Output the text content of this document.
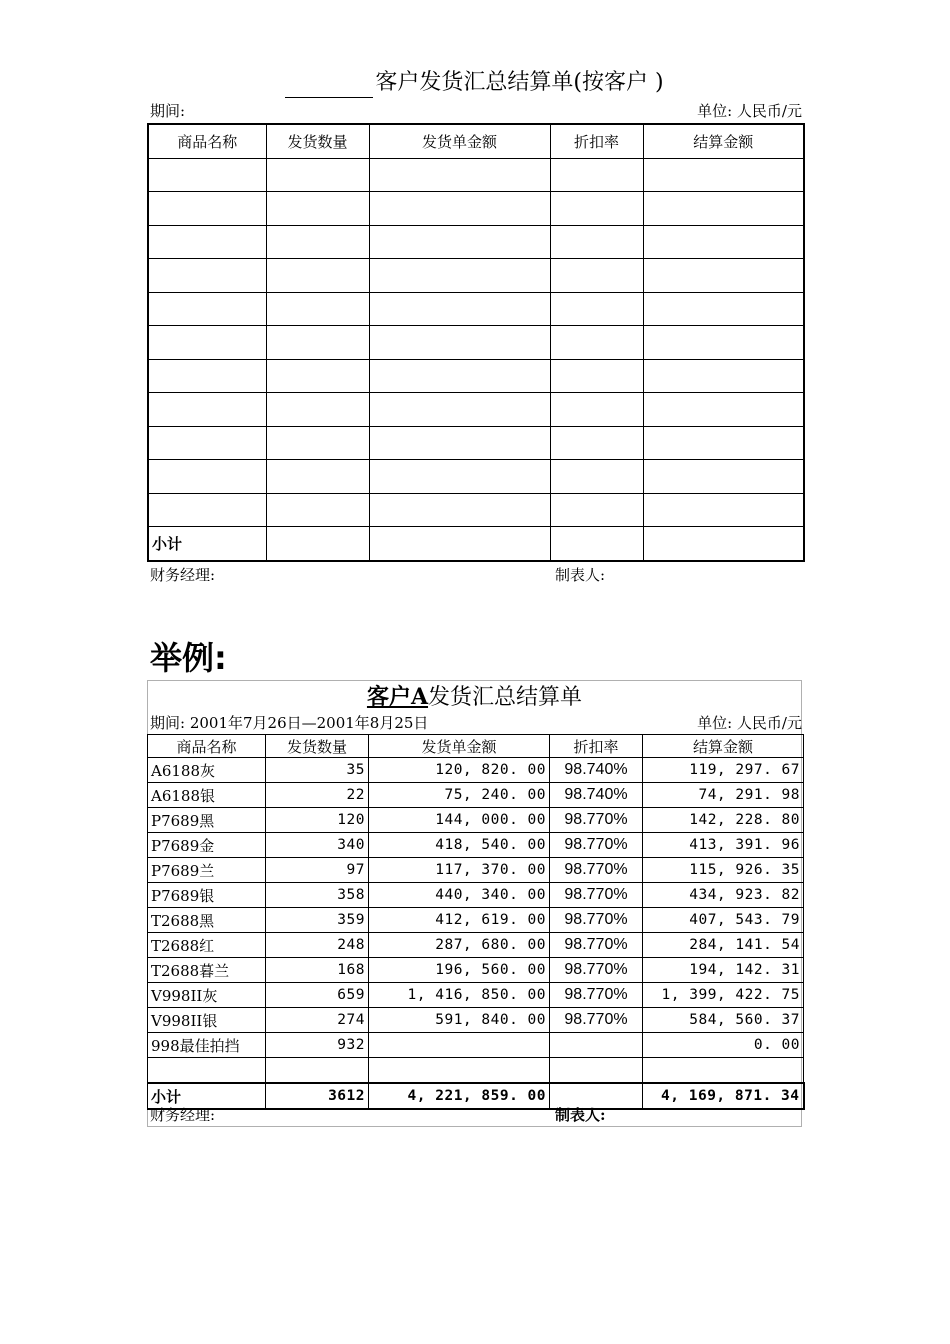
客户发货汇总结算单(按客户 )
期间:	单位: 人民币/元
商品名称	发货数量	发货单金额	折扣率	结算金额

小计				
财务经理:	制表人:
举例:
客户A发货汇总结算单
期间: 2001年7月26日—2001年8月25日	单位: 人民币/元
商品名称	发货数量	发货单金额	折扣率	结算金额
A6188灰	35	120, 820. 00	98.740%	119, 297. 67
A6188银	22	75, 240. 00	98.740%	74, 291. 98
P7689黑	120	144, 000. 00	98.770%	142, 228. 80
P7689金	340	418, 540. 00	98.770%	413, 391. 96
P7689兰	97	117, 370. 00	98.770%	115, 926. 35
P7689银	358	440, 340. 00	98.770%	434, 923. 82
T2688黑	359	412, 619. 00	98.770%	407, 543. 79
T2688红	248	287, 680. 00	98.770%	284, 141. 54
T2688暮兰	168	196, 560. 00	98.770%	194, 142. 31
V998II灰	659	1, 416, 850. 00	98.770%	1, 399, 422. 75
V998II银	274	591, 840. 00	98.770%	584, 560. 37
998最佳拍挡	932			0. 00

小计	3612	4, 221, 859. 00		4, 169, 871. 34
财务经理:	制表人:
